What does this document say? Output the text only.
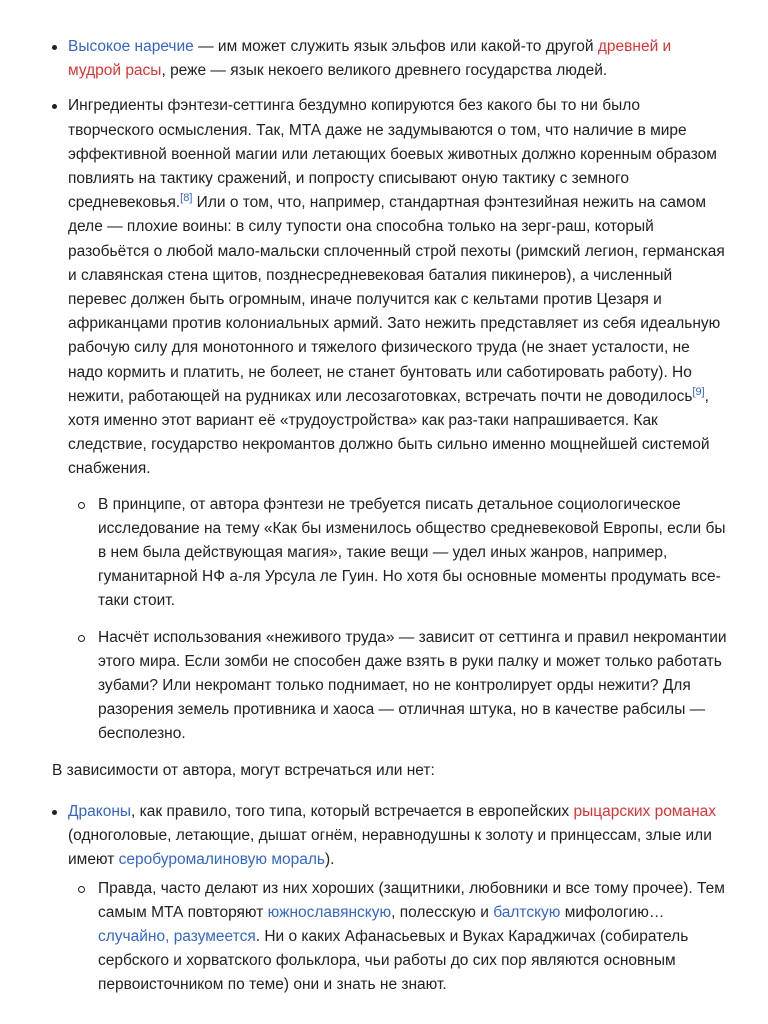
Высокое наречие — им может служить язык эльфов или какой-то другой древней и мудрой расы, реже — язык некоего великого древнего государства людей.
Ингредиенты фэнтези-сеттинга бездумно копируются без какого бы то ни было творческого осмысления. Так, МТА даже не задумываются о том, что наличие в мире эффективной военной магии или летающих боевых животных должно коренным образом повлиять на тактику сражений, и попросту списывают оную тактику с земного средневековья.[8] Или о том, что, например, стандартная фэнтезийная нежить на самом деле — плохие воины: в силу тупости она способна только на зерг-раш, который разобьётся о любой мало-мальски сплоченный строй пехоты (римский легион, германская и славянская стена щитов, позднесредневековая баталия пикинеров), а численный перевес должен быть огромным, иначе получится как с кельтами против Цезаря и африканцами против колониальных армий. Зато нежить представляет из себя идеальную рабочую силу для монотонного и тяжелого физического труда (не знает усталости, не надо кормить и платить, не болеет, не станет бунтовать или саботировать работу). Но нежити, работающей на рудниках или лесозаготовках, встречать почти не доводилось[9], хотя именно этот вариант её «трудоустройства» как раз-таки напрашивается. Как следствие, государство некромантов должно быть сильно именно мощнейшей системой снабжения.
В принципе, от автора фэнтези не требуется писать детальное социологическое исследование на тему «Как бы изменилось общество средневековой Европы, если бы в нем была действующая магия», такие вещи — удел иных жанров, например, гуманитарной НФ а-ля Урсула ле Гуин. Но хотя бы основные моменты продумать все-таки стоит.
Насчёт использования «неживого труда» — зависит от сеттинга и правил некромантии этого мира. Если зомби не способен даже взять в руки палку и может только работать зубами? Или некромант только поднимает, но не контролирует орды нежити? Для разорения земель противника и хаоса — отличная штука, но в качестве рабсилы — бесполезно.

В зависимости от автора, могут встречаться или нет:

Драконы, как правило, того типа, который встречается в европейских рыцарских романах (одноголовые, летающие, дышат огнём, неравнодушны к золоту и принцессам, злые или имеют серобуромалиновую мораль).
Правда, часто делают из них хороших (защитники, любовники и все тому прочее). Тем самым МТА повторяют южнославянскую, полесскую и балтскую мифологию… случайно, разумеется. Ни о каких Афанасьевых и Вуках Караджичах (собиратель сербского и хорватского фольклора, чьи работы до сих пор являются основным первоисточником по теме) они и знать не знают.
